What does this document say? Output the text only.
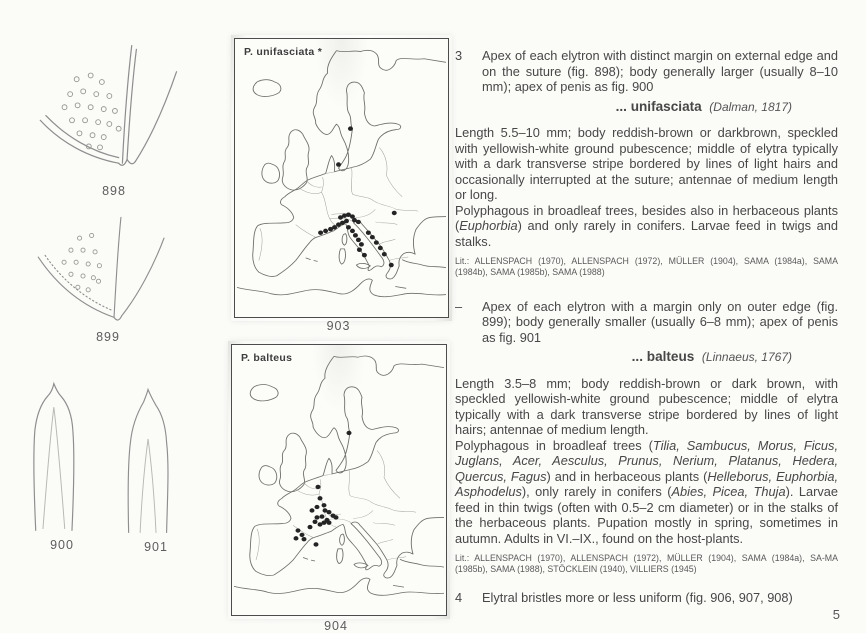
898
899
900	901
P. unifasciata *
903
P. balteus
904
3	Apex of each elytron with distinct margin on external edge and on the suture (fig. 898); body generally larger (usually 8–10 mm); apex of penis as fig. 900
... unifasciata (Dalman, 1817)

Length 5.5–10 mm; body reddish-brown or darkbrown, speckled with yellowish-white ground pubescence; middle of elytra typically with a dark transverse stripe bordered by lines of light hairs and occasionally interrupted at the suture; antennae of medium length or long.

Polyphagous in broadleaf trees, besides also in herbaceous plants (Euphorbia) and only rarely in conifers. Larvae feed in twigs and stalks.

Lit.: ALLENSPACH (1970), ALLENSPACH (1972), MÜLLER (1904), SAMA (1984a), SAMA (1984b), SAMA (1985b), SAMA (1988)

–	Apex of each elytron with a margin only on outer edge (fig. 899); body generally smaller (usually 6–8 mm); apex of penis as fig. 901
... balteus (Linnaeus, 1767)

Length 3.5–8 mm; body reddish-brown or dark brown, with speckled yellowish-white ground pubescence; middle of elytra typically with a dark transverse stripe bordered by lines of light hairs; antennae of medium length.

Polyphagous in broadleaf trees (Tilia, Sambucus, Morus, Ficus, Juglans, Acer, Aesculus, Prunus, Nerium, Platanus, Hedera, Quercus, Fagus) and in herbaceous plants (Helleborus, Euphorbia, Asphodelus), only rarely in conifers (Abies, Picea, Thuja). Larvae feed in thin twigs (often with 0.5–2 cm diameter) or in the stalks of the herbaceous plants. Pupation mostly in spring, sometimes in autumn. Adults in VI.–IX., found on the host-plants.

Lit.: ALLENSPACH (1970), ALLENSPACH (1972), MÜLLER (1904), SAMA (1984a), SA-MA (1985b), SAMA (1988), STÖCKLEIN (1940), VILLIERS (1945)

4	Elytral bristles more or less uniform (fig. 906, 907, 908)
5
